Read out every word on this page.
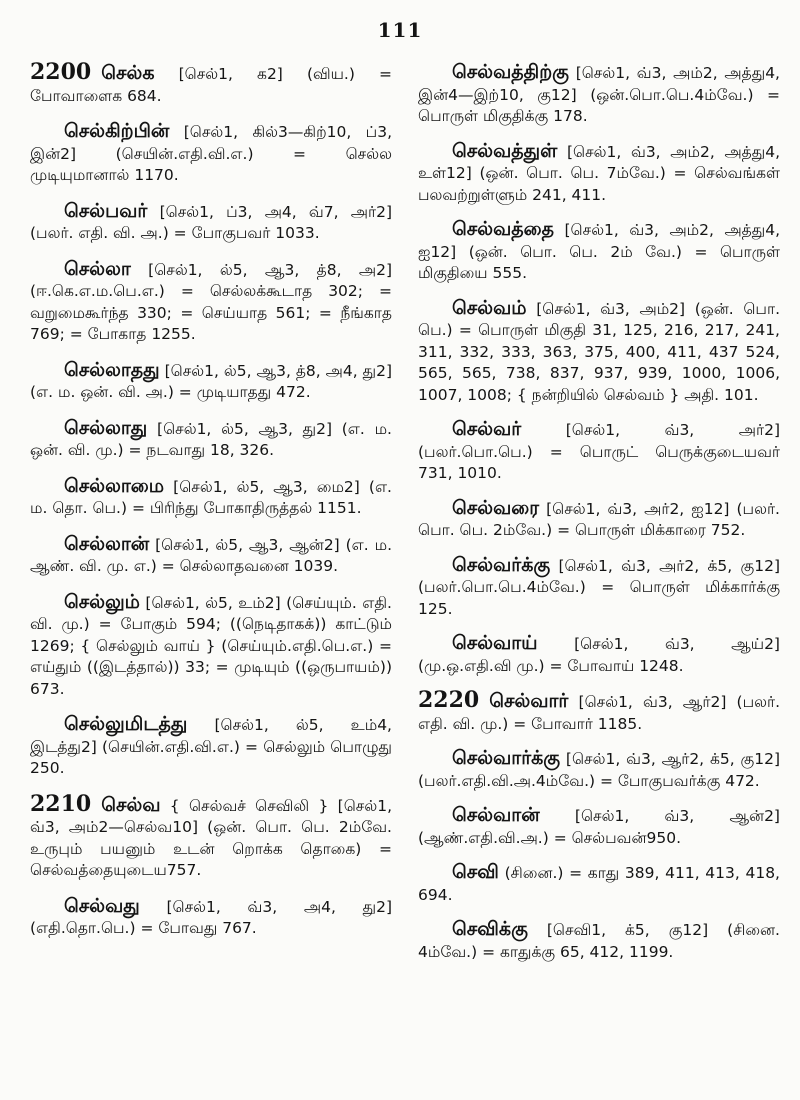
111

2200 செல்க [செல்1, க2] (விய.) = போவாளைக 684.

செல்கிற்பின் [செல்1, கில்3—கிற்10, ப்3, இன்2] (செயின்.எதி.வி.எ.) = செல்ல முடியுமானால் 1170.

செல்பவர் [செல்1, ப்3, அ4, வ்7, அர்2] (பலர். எதி. வி. அ.) = போகுபவர் 1033.

செல்லா [செல்1, ல்5, ஆ3, த்8, அ2] (ஈ.கெ.எ.ம.பெ.எ.) = செல்லக்கூடாத 302; = வறுமைகூர்ந்த 330; = செய்யாத 561; = நீங்காத 769; = போகாத 1255.

செல்லாதது [செல்1, ல்5, ஆ3, த்8, அ4, து2] (எ. ம. ஒன். வி. அ.) = முடியாதது 472.

செல்லாது [செல்1, ல்5, ஆ3, து2] (எ. ம. ஒன். வி. மு.) = நடவாது 18, 326.

செல்லாமை [செல்1, ல்5, ஆ3, மை2] (எ. ம. தொ. பெ.) = பிரிந்து போகாதிருத்தல் 1151.

செல்லான் [செல்1, ல்5, ஆ3, ஆன்2] (எ. ம. ஆண். வி. மு. எ.) = செல்லாதவனை 1039.

செல்லும் [செல்1, ல்5, உம்2] (செய்யும். எதி. வி. மு.) = போகும் 594; ((நெடிதாகக்)) காட்டும் 1269; { செல்லும் வாய் } (செய்யும்.எதி.பெ.எ.) = எய்தும் ((இடத்தால்)) 33; = முடியும் ((ஒருபாயம்)) 673.

செல்லுமிடத்து [செல்1, ல்5, உம்4, இடத்து2] (செயின்.எதி.வி.எ.) = செல்லும் பொழுது 250.

2210 செல்வ { செல்வச் செவிலி } [செல்1, வ்3, அம்2—செல்வ10] (ஒன். பொ. பெ. 2ம்வே. உருபும் பயனும் உடன் றொக்க தொகை) = செல்வத்தையுடைய757.

செல்வது [செல்1, வ்3, அ4, து2] (எதி.தொ.பெ.) = போவது 767.

செல்வத்திற்கு [செல்1, வ்3, அம்2, அத்து4, இன்4—இற்10, கு12] (ஒன்.பொ.பெ.4ம்வே.) = பொருள் மிகுதிக்கு 178.

செல்வத்துள் [செல்1, வ்3, அம்2, அத்து4, உள்12] (ஒன். பொ. பெ. 7ம்வே.) = செல்வங்கள் பலவற்றுள்ளும் 241, 411.

செல்வத்தை [செல்1, வ்3, அம்2, அத்து4, ஐ12] (ஒன். பொ. பெ. 2ம் வே.) = பொருள் மிகுதியை 555.

செல்வம் [செல்1, வ்3, அம்2] (ஒன். பொ. பெ.) = பொருள் மிகுதி 31, 125, 216, 217, 241, 311, 332, 333, 363, 375, 400, 411, 437 524, 565, 565, 738, 837, 937, 939, 1000, 1006, 1007, 1008; { நன்றியில் செல்வம் } அதி. 101.

செல்வர்	[செல்1, வ்3, அர்2] (பலர்.பொ.பெ.) = பொருட் பெருக்குடையவர் 731, 1010.

செல்வரை [செல்1, வ்3, அர்2, ஐ12] (பலர். பொ. பெ. 2ம்வே.) = பொருள் மிக்காரை 752.

செல்வர்க்கு [செல்1, வ்3, அர்2, க்5, கு12] (பலர்.பொ.பெ.4ம்வே.) = பொருள் மிக்கார்க்கு 125.

செல்வாய் [செல்1, வ்3, ஆய்2] (மு.ஒ.எதி.வி மு.) = போவாய் 1248.

2220 செல்வார் [செல்1, வ்3, ஆர்2] (பலர். எதி. வி. மு.) = போவார் 1185.

செல்வார்க்கு [செல்1, வ்3, ஆர்2, க்5, கு12] (பலர்.எதி.வி.அ.4ம்வே.) = போகுபவர்க்கு 472.

செல்வான் [செல்1, வ்3, ஆன்2] (ஆண்.எதி.வி.அ.) = செல்பவன்950.

செவி (சினை.) = காது 389, 411, 413, 418, 694.

செவிக்கு [செவி1, க்5, கு12] (சினை. 4ம்வே.) = காதுக்கு 65, 412, 1199.
